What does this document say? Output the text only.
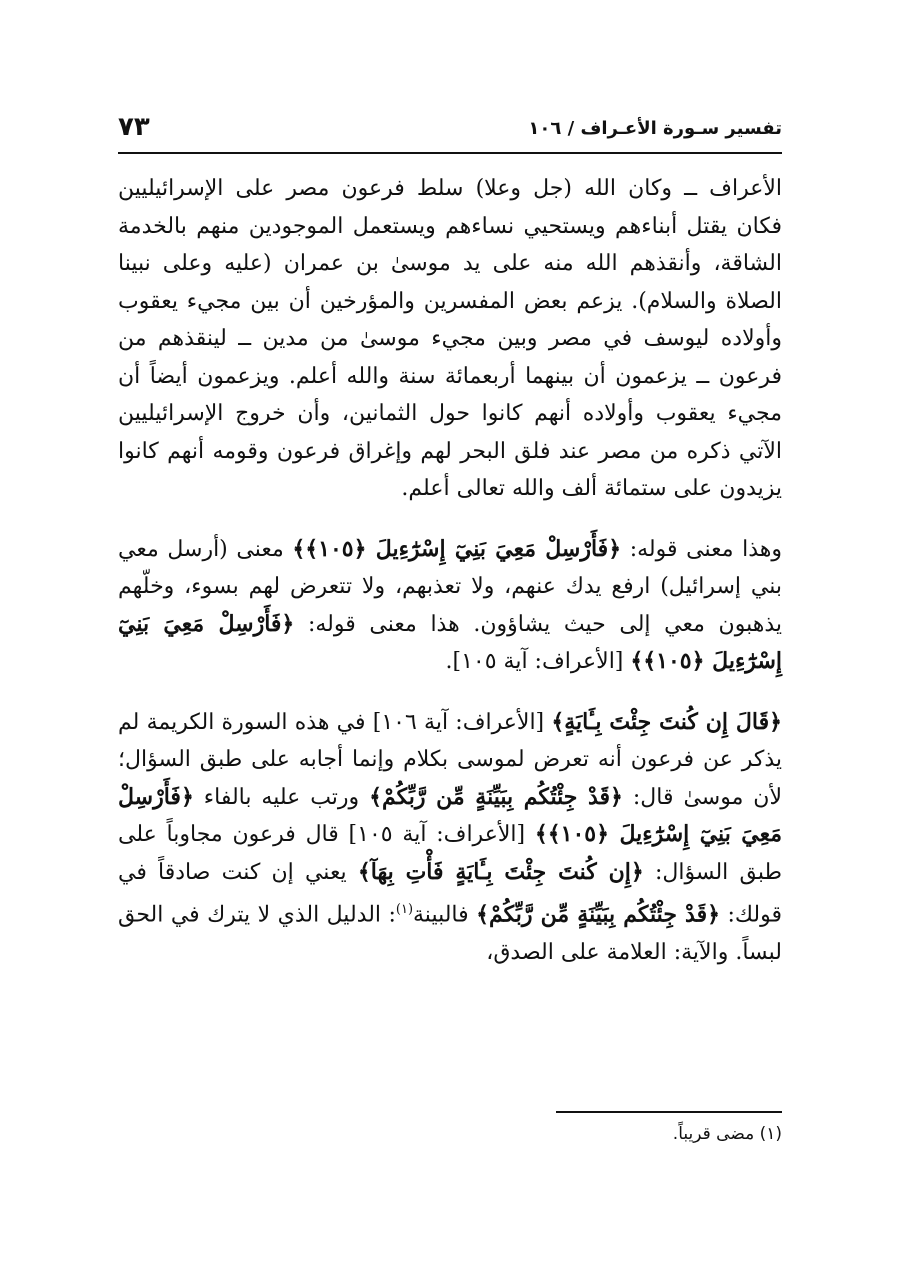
تفسير سـورة الأعـراف / ١٠٦
٧٣

الأعراف ــ وكان الله (جل وعلا) سلط فرعون مصر على الإسرائيليين فكان يقتل أبناءهم ويستحيي نساءهم ويستعمل الموجودين منهم بالخدمة الشاقة، وأنقذهم الله منه على يد موسىٰ بن عمران (عليه وعلى نبينا الصلاة والسلام). يزعم بعض المفسرين والمؤرخين أن بين مجيء يعقوب وأولاده ليوسف في مصر وبين مجيء موسىٰ من مدين ــ لينقذهم من فرعون ــ يزعمون أن بينهما أربعمائة سنة والله أعلم. ويزعمون أيضاً أن مجيء يعقوب وأولاده أنهم كانوا حول الثمانين، وأن خروج الإسرائيليين الآتي ذكره من مصر عند فلق البحر لهم وإغراق فرعون وقومه أنهم كانوا يزيدون على ستمائة ألف والله تعالى أعلم.

وهذا معنى قوله: ﴿فَأَرْسِلْ مَعِيَ بَنِيٓ إِسْرَٰٓءِيلَ ﴿١٠٥﴾﴾ معنى (أرسل معي بني إسرائيل) ارفع يدك عنهم، ولا تعذبهم، ولا تتعرض لهم بسوء، وخلّهم يذهبون معي إلى حيث يشاؤون. هذا معنى قوله: ﴿فَأَرْسِلْ مَعِيَ بَنِيٓ إِسْرَٰٓءِيلَ ﴿١٠٥﴾﴾ [الأعراف: آية ١٠٥].

﴿قَالَ إِن كُنتَ جِئْتَ بِـَٔايَةٍ﴾ [الأعراف: آية ١٠٦] في هذه السورة الكريمة لم يذكر عن فرعون أنه تعرض لموسى بكلام وإنما أجابه على طبق السؤال؛ لأن موسىٰ قال: ﴿قَدْ جِئْتُكُم بِبَيِّنَةٍ مِّن رَّبِّكُمْ﴾ ورتب عليه بالفاء ﴿فَأَرْسِلْ مَعِيَ بَنِيٓ إِسْرَٰٓءِيلَ ﴿١٠٥﴾﴾ [الأعراف: آية ١٠٥] قال فرعون مجاوباً على طبق السؤال: ﴿إِن كُنتَ جِئْتَ بِـَٔايَةٍ فَأْتِ بِهَآ﴾ يعني إن كنت صادقاً في قولك: ﴿قَدْ جِئْتُكُم بِبَيِّنَةٍ مِّن رَّبِّكُمْ﴾ فالبينة$^{(١)}$: الدليل الذي لا يترك في الحق لبساً. والآية: العلامة على الصدق،

(١) مضى قريباً.
